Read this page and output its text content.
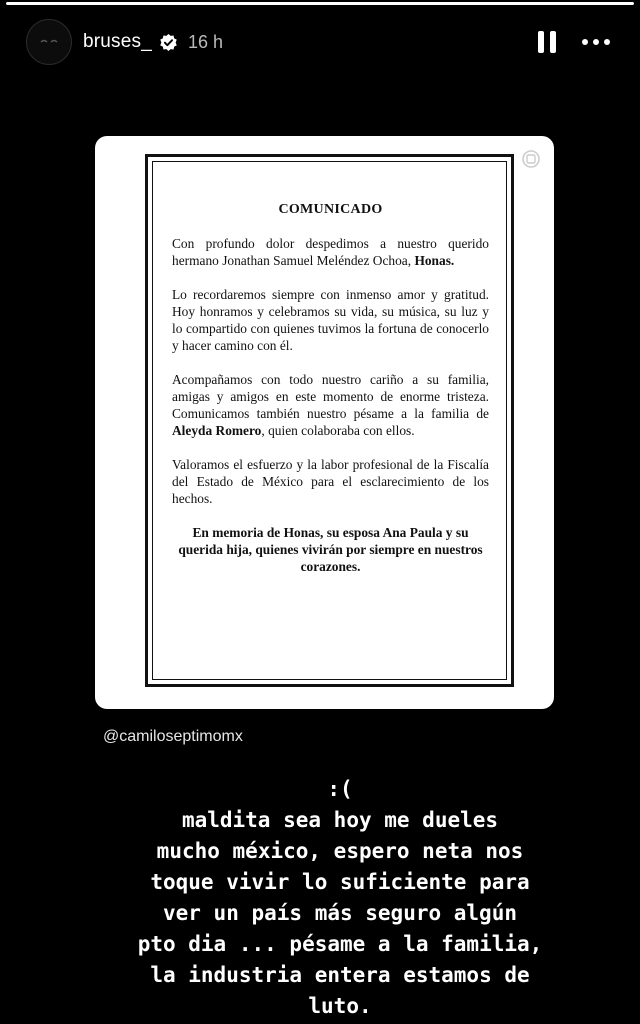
bruses_ 16 h
COMUNICADO

Con profundo dolor despedimos a nuestro querido hermano Jonathan Samuel Meléndez Ochoa, Honas.

Lo recordaremos siempre con inmenso amor y gratitud. Hoy honramos y celebramos su vida, su música, su luz y lo compartido con quienes tuvimos la fortuna de conocerlo y hacer camino con él.

Acompañamos con todo nuestro cariño a su familia, amigas y amigos en este momento de enorme tristeza. Comunicamos también nuestro pésame a la familia de Aleyda Romero, quien colaboraba con ellos.

Valoramos el esfuerzo y la labor profesional de la Fiscalía del Estado de México para el esclarecimiento de los hechos.

En memoria de Honas, su esposa Ana Paula y su querida hija, quienes vivirán por siempre en nuestros corazones.

@camiloseptimomx
:(
maldita sea hoy me dueles
mucho méxico, espero neta nos
toque vivir lo suficiente para
ver un país más seguro algún
pto dia ... pésame a la familia,
la industria entera estamos de
luto.
